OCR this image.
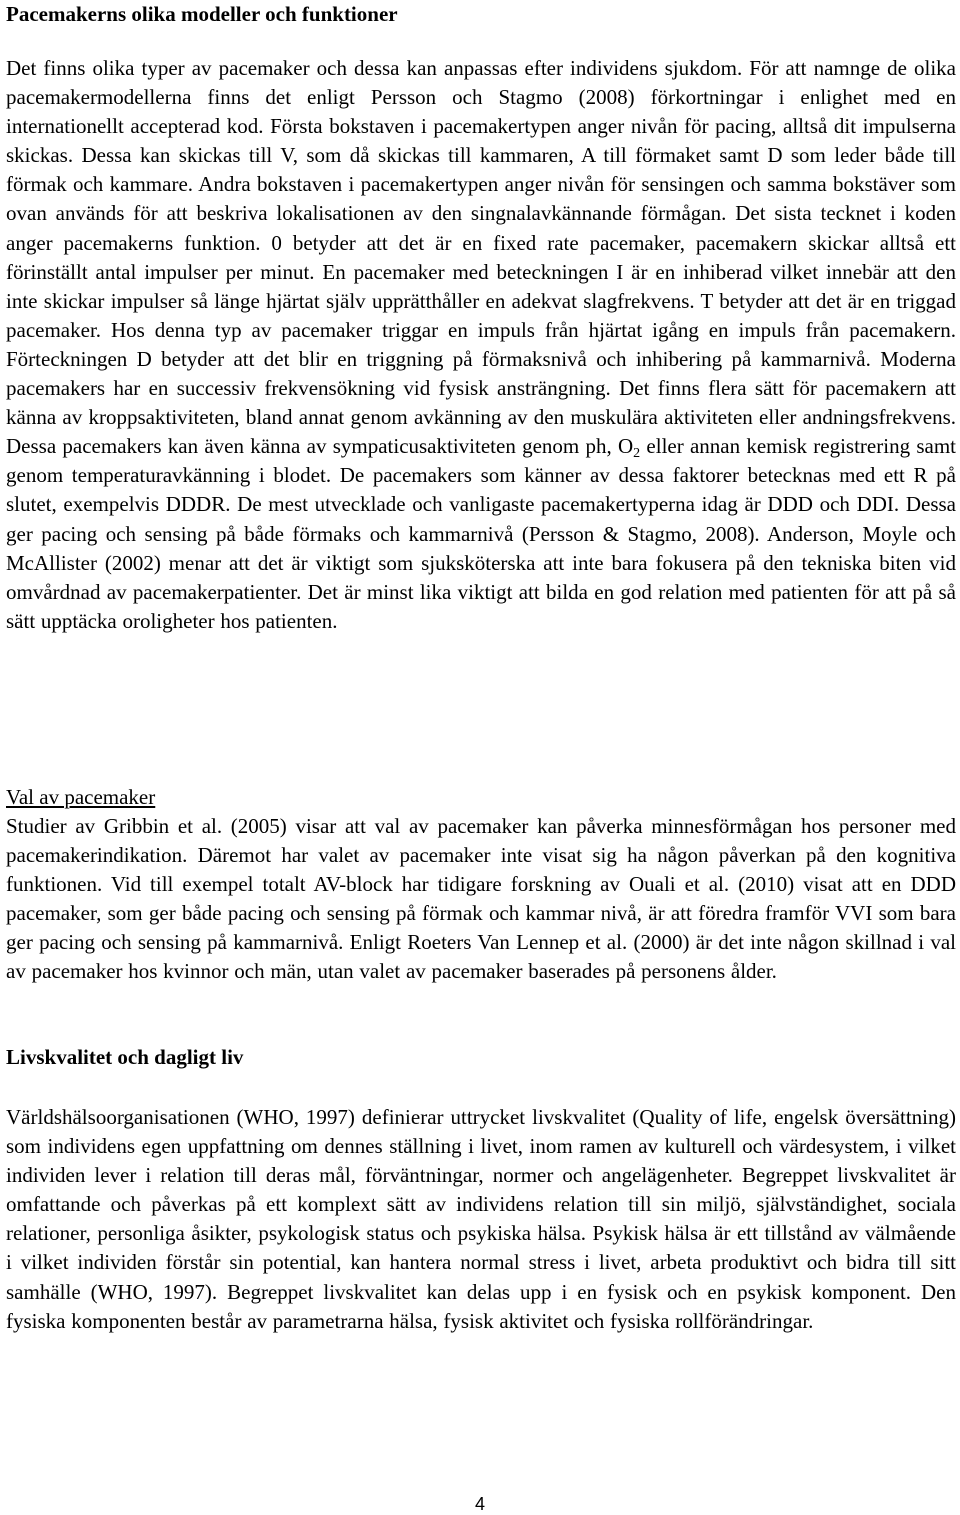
Pacemakerns olika modeller och funktioner

Det finns olika typer av pacemaker och dessa kan anpassas efter individens sjukdom. För att namnge de olika pacemakermodellerna finns det enligt Persson och Stagmo (2008) förkortningar i enlighet med en internationellt accepterad kod. Första bokstaven i pacemakertypen anger nivån för pacing, alltså dit impulserna skickas. Dessa kan skickas till V, som då skickas till kammaren, A till förmaket samt D som leder både till förmak och kammare. Andra bokstaven i pacemakertypen anger nivån för sensingen och samma bokstäver som ovan används för att beskriva lokalisationen av den singnalavkännande förmågan. Det sista tecknet i koden anger pacemakerns funktion. 0 betyder att det är en fixed rate pacemaker, pacemakern skickar alltså ett förinställt antal impulser per minut. En pacemaker med beteckningen I är en inhiberad vilket innebär att den inte skickar impulser så länge hjärtat själv upprätthåller en adekvat slagfrekvens. T betyder att det är en triggad pacemaker. Hos denna typ av pacemaker triggar en impuls från hjärtat igång en impuls från pacemakern. Förteckningen D betyder att det blir en triggning på förmaksnivå och inhibering på kammarnivå. Moderna pacemakers har en successiv frekvensökning vid fysisk ansträngning. Det finns flera sätt för pacemakern att känna av kroppsaktiviteten, bland annat genom avkänning av den muskulära aktiviteten eller andningsfrekvens. Dessa pacemakers kan även känna av sympaticusaktiviteten genom ph, $O_2$ eller annan kemisk registrering samt genom temperaturavkänning i blodet. De pacemakers som känner av dessa faktorer betecknas med ett R på slutet, exempelvis DDDR. De mest utvecklade och vanligaste pacemakertyperna idag är DDD och DDI. Dessa ger pacing och sensing på både förmaks och kammarnivå (Persson & Stagmo, 2008). Anderson, Moyle och McAllister (2002) menar att det är viktigt som sjuksköterska att inte bara fokusera på den tekniska biten vid omvårdnad av pacemakerpatienter. Det är minst lika viktigt att bilda en god relation med patienten för att på så sätt upptäcka oroligheter hos patienten.

Val av pacemaker

Studier av Gribbin et al. (2005) visar att val av pacemaker kan påverka minnesförmågan hos personer med pacemakerindikation. Däremot har valet av pacemaker inte visat sig ha någon påverkan på den kognitiva funktionen. Vid till exempel totalt AV-block har tidigare forskning av Ouali et al. (2010) visat att en DDD pacemaker, som ger både pacing och sensing på förmak och kammar nivå, är att föredra framför VVI som bara ger pacing och sensing på kammarnivå. Enligt Roeters Van Lennep et al. (2000) är det inte någon skillnad i val av pacemaker hos kvinnor och män, utan valet av pacemaker baserades på personens ålder.

Livskvalitet och dagligt liv

Världshälsoorganisationen (WHO, 1997) definierar uttrycket livskvalitet (Quality of life, engelsk översättning) som individens egen uppfattning om dennes ställning i livet, inom ramen av kulturell och värdesystem, i vilket individen lever i relation till deras mål, förväntningar, normer och angelägenheter. Begreppet livskvalitet är omfattande och påverkas på ett komplext sätt av individens relation till sin miljö, självständighet, sociala relationer, personliga åsikter, psykologisk status och psykiska hälsa. Psykisk hälsa är ett tillstånd av välmående i vilket individen förstår sin potential, kan hantera normal stress i livet, arbeta produktivt och bidra till sitt samhälle (WHO, 1997). Begreppet livskvalitet kan delas upp i en fysisk och en psykisk komponent. Den fysiska komponenten består av parametrarna hälsa, fysisk aktivitet och fysiska rollförändringar.

4
